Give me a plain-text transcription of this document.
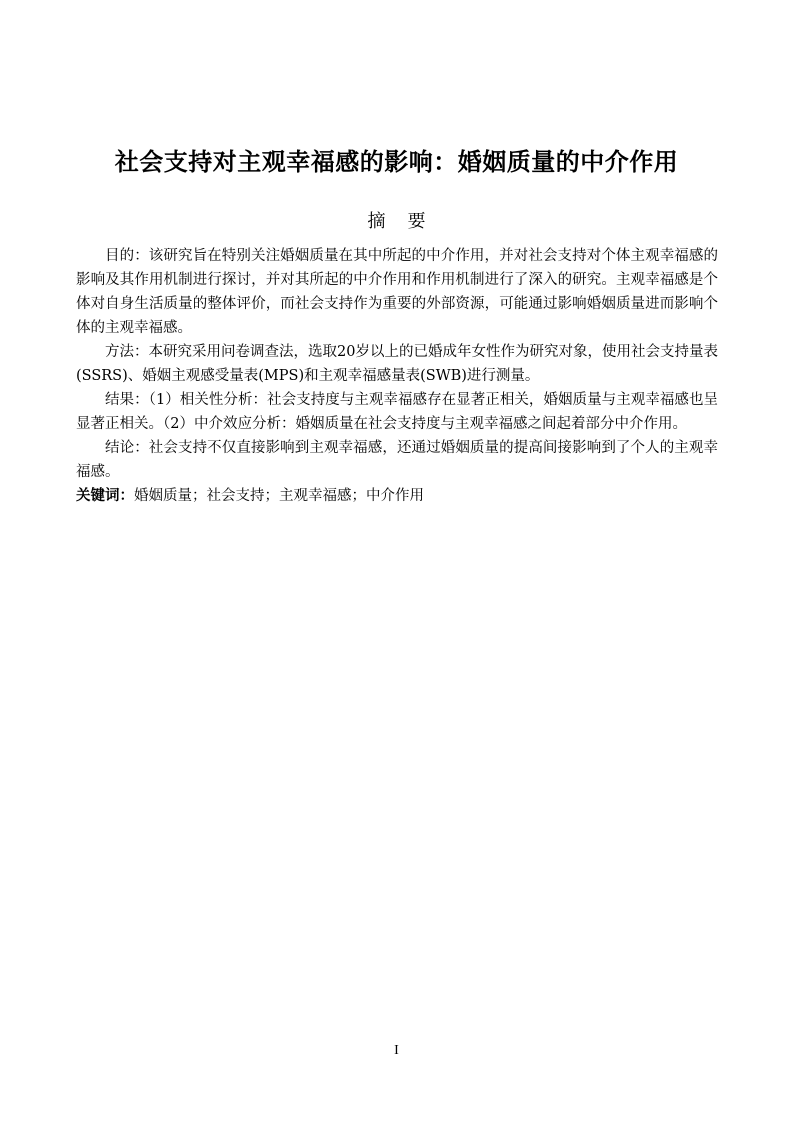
社会支持对主观幸福感的影响：婚姻质量的中介作用
摘要

目的：该研究旨在特别关注婚姻质量在其中所起的中介作用，并对社会支持对个体主观幸福感的影响及其作用机制进行探讨，并对其所起的中介作用和作用机制进行了深入的研究。主观幸福感是个体对自身生活质量的整体评价，而社会支持作为重要的外部资源，可能通过影响婚姻质量进而影响个体的主观幸福感。

方法：本研究采用问卷调查法，选取20岁以上的已婚成年女性作为研究对象，使用社会支持量表(SSRS)、婚姻主观感受量表(MPS)和主观幸福感量表(SWB)进行测量。

结果：（1）相关性分析：社会支持度与主观幸福感存在显著正相关，婚姻质量与主观幸福感也呈显著正相关。（2）中介效应分析：婚姻质量在社会支持度与主观幸福感之间起着部分中介作用。

结论：社会支持不仅直接影响到主观幸福感，还通过婚姻质量的提高间接影响到了个人的主观幸福感。

关键词：婚姻质量；社会支持；主观幸福感；中介作用

I
